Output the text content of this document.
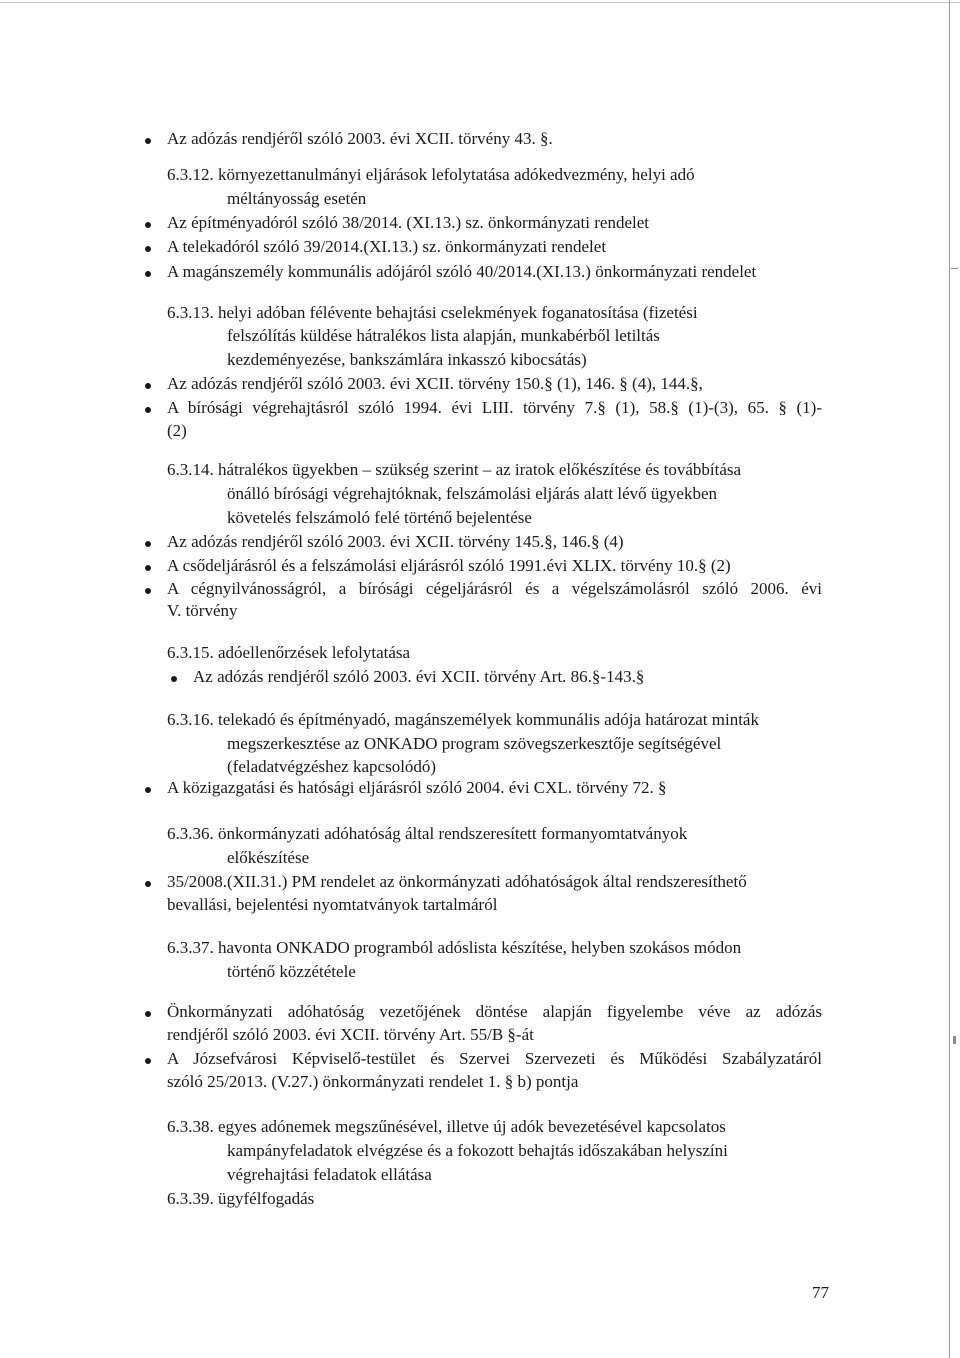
Az adózás rendjéről szóló 2003. évi XCII. törvény 43. §.
6.3.12. környezettanulmányi eljárások lefolytatása adókedvezmény, helyi adó
méltányosság esetén
Az építményadóról szóló 38/2014. (XI.13.) sz. önkormányzati rendelet
A telekadóról szóló 39/2014.(XI.13.) sz. önkormányzati rendelet
A magánszemély kommunális adójáról szóló 40/2014.(XI.13.) önkormányzati rendelet
6.3.13. helyi adóban félévente behajtási cselekmények foganatosítása (fizetési
felszólítás küldése hátralékos lista alapján, munkabérből letiltás
kezdeményezése, bankszámlára inkasszó kibocsátás)
Az adózás rendjéről szóló 2003. évi XCII. törvény 150.§ (1), 146. § (4), 144.§,
A bírósági végrehajtásról szóló 1994. évi LIII. törvény 7.§ (1), 58.§ (1)-(3), 65. § (1)-
(2)
6.3.14. hátralékos ügyekben – szükség szerint – az iratok előkészítése és továbbítása
önálló bírósági végrehajtóknak, felszámolási eljárás alatt lévő ügyekben
követelés felszámoló felé történő bejelentése
Az adózás rendjéről szóló 2003. évi XCII. törvény 145.§, 146.§ (4)
A csődeljárásról és a felszámolási eljárásról szóló 1991.évi XLIX. törvény 10.§ (2)
A cégnyilvánosságról, a bírósági cégeljárásról és a végelszámolásról szóló 2006. évi
V. törvény
6.3.15. adóellenőrzések lefolytatása
Az adózás rendjéről szóló 2003. évi XCII. törvény Art. 86.§-143.§
6.3.16. telekadó és építményadó, magánszemélyek kommunális adója határozat minták
megszerkesztése az ONKADO program szövegszerkesztője segítségével
(feladatvégzéshez kapcsolódó)
A közigazgatási és hatósági eljárásról szóló 2004. évi CXL. törvény 72. §
6.3.36. önkormányzati adóhatóság által rendszeresített formanyomtatványok
előkészítése
35/2008.(XII.31.) PM rendelet az önkormányzati adóhatóságok által rendszeresíthető
bevallási, bejelentési nyomtatványok tartalmáról
6.3.37. havonta ONKADO programból adóslista készítése, helyben szokásos módon
történő közzététele
Önkormányzati adóhatóság vezetőjének döntése alapján figyelembe véve az adózás
rendjéről szóló 2003. évi XCII. törvény Art. 55/B §-át
A Józsefvárosi Képviselő-testület és Szervei Szervezeti és Működési Szabályzatáról
szóló 25/2013. (V.27.) önkormányzati rendelet 1. § b) pontja
6.3.38. egyes adónemek megszűnésével, illetve új adók bevezetésével kapcsolatos
kampányfeladatok elvégzése és a fokozott behajtás időszakában helyszíni
végrehajtási feladatok ellátása
6.3.39. ügyfélfogadás
77
